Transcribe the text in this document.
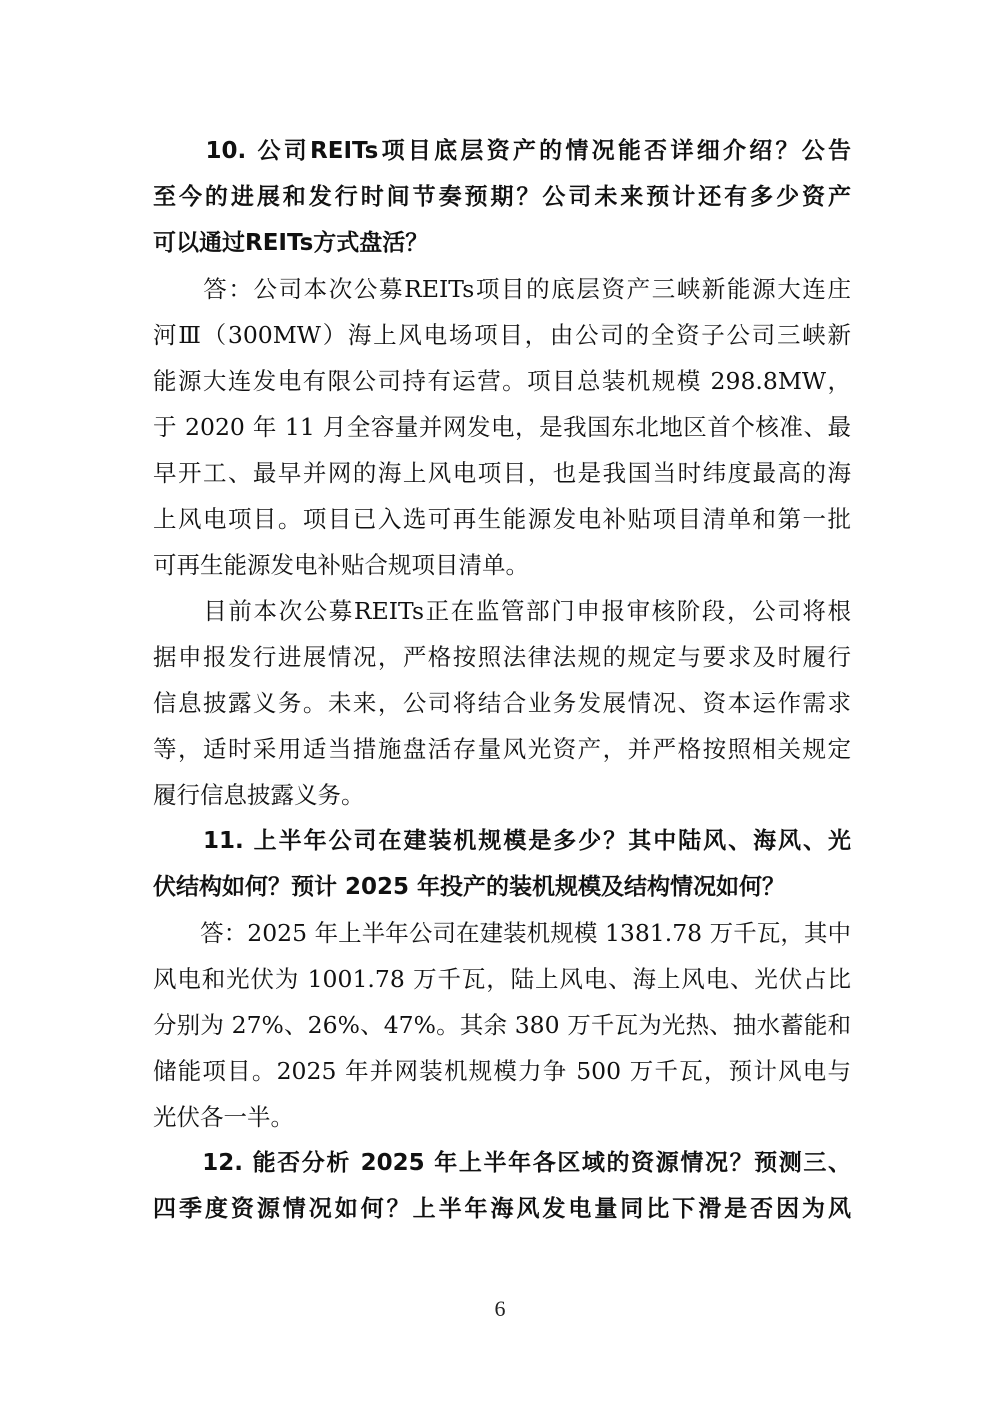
　　10. 公司REITs项目底层资产的情况能否详细介绍？公告
至今的进展和发行时间节奏预期？公司未来预计还有多少资产
可以通过REITs方式盘活？
　　答：公司本次公募REITs项目的底层资产三峡新能源大连庄
河Ⅲ（300MW）海上风电场项目，由公司的全资子公司三峡新
能源大连发电有限公司持有运营。项目总装机规模 298.8MW，
于 2020 年 11 月全容量并网发电，是我国东北地区首个核准、最
早开工、最早并网的海上风电项目，也是我国当时纬度最高的海
上风电项目。项目已入选可再生能源发电补贴项目清单和第一批
可再生能源发电补贴合规项目清单。
　　目前本次公募REITs正在监管部门申报审核阶段，公司将根
据申报发行进展情况，严格按照法律法规的规定与要求及时履行
信息披露义务。未来，公司将结合业务发展情况、资本运作需求
等，适时采用适当措施盘活存量风光资产，并严格按照相关规定
履行信息披露义务。
　　11. 上半年公司在建装机规模是多少？其中陆风、海风、光
伏结构如何？预计 2025 年投产的装机规模及结构情况如何？
　　答：2025 年上半年公司在建装机规模 1381.78 万千瓦，其中
风电和光伏为 1001.78 万千瓦，陆上风电、海上风电、光伏占比
分别为 27%、26%、47%。其余 380 万千瓦为光热、抽水蓄能和
储能项目。2025 年并网装机规模力争 500 万千瓦，预计风电与
光伏各一半。
　　12. 能否分析 2025 年上半年各区域的资源情况？预测三、
四季度资源情况如何？上半年海风发电量同比下滑是否因为风
6
